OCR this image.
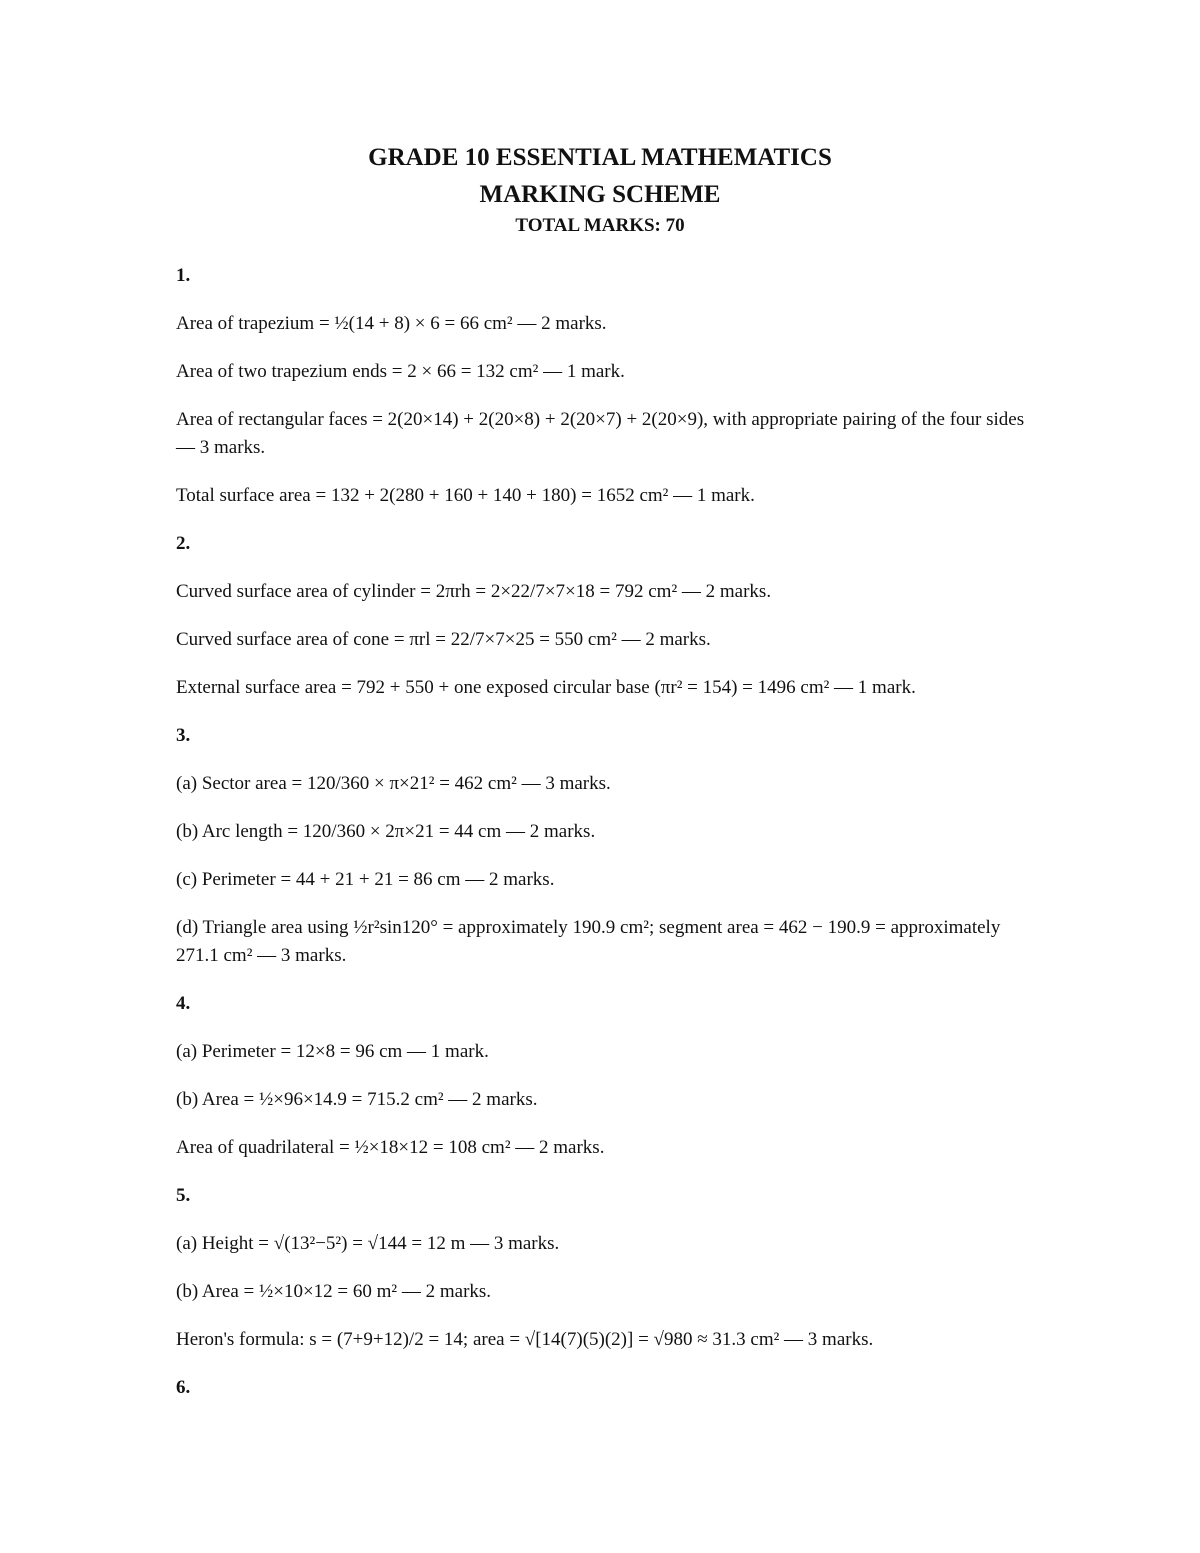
GRADE 10 ESSENTIAL MATHEMATICS
MARKING SCHEME
TOTAL MARKS: 70
1.
Area of trapezium = ½(14 + 8) × 6 = 66 cm² — 2 marks.
Area of two trapezium ends = 2 × 66 = 132 cm² — 1 mark.
Area of rectangular faces = 2(20×14) + 2(20×8) + 2(20×7) + 2(20×9), with appropriate pairing of the four sides — 3 marks.
Total surface area = 132 + 2(280 + 160 + 140 + 180) = 1652 cm² — 1 mark.
2.
Curved surface area of cylinder = 2πrh = 2×22/7×7×18 = 792 cm² — 2 marks.
Curved surface area of cone = πrl = 22/7×7×25 = 550 cm² — 2 marks.
External surface area = 792 + 550 + one exposed circular base (πr² = 154) = 1496 cm² — 1 mark.
3.
(a) Sector area = 120/360 × π×21² = 462 cm² — 3 marks.
(b) Arc length = 120/360 × 2π×21 = 44 cm — 2 marks.
(c) Perimeter = 44 + 21 + 21 = 86 cm — 2 marks.
(d) Triangle area using ½r²sin120° = approximately 190.9 cm²; segment area = 462 − 190.9 = approximately 271.1 cm² — 3 marks.
4.
(a) Perimeter = 12×8 = 96 cm — 1 mark.
(b) Area = ½×96×14.9 = 715.2 cm² — 2 marks.
Area of quadrilateral = ½×18×12 = 108 cm² — 2 marks.
5.
(a) Height = √(13²−5²) = √144 = 12 m — 3 marks.
(b) Area = ½×10×12 = 60 m² — 2 marks.
Heron's formula: s = (7+9+12)/2 = 14; area = √[14(7)(5)(2)] = √980 ≈ 31.3 cm² — 3 marks.
6.
